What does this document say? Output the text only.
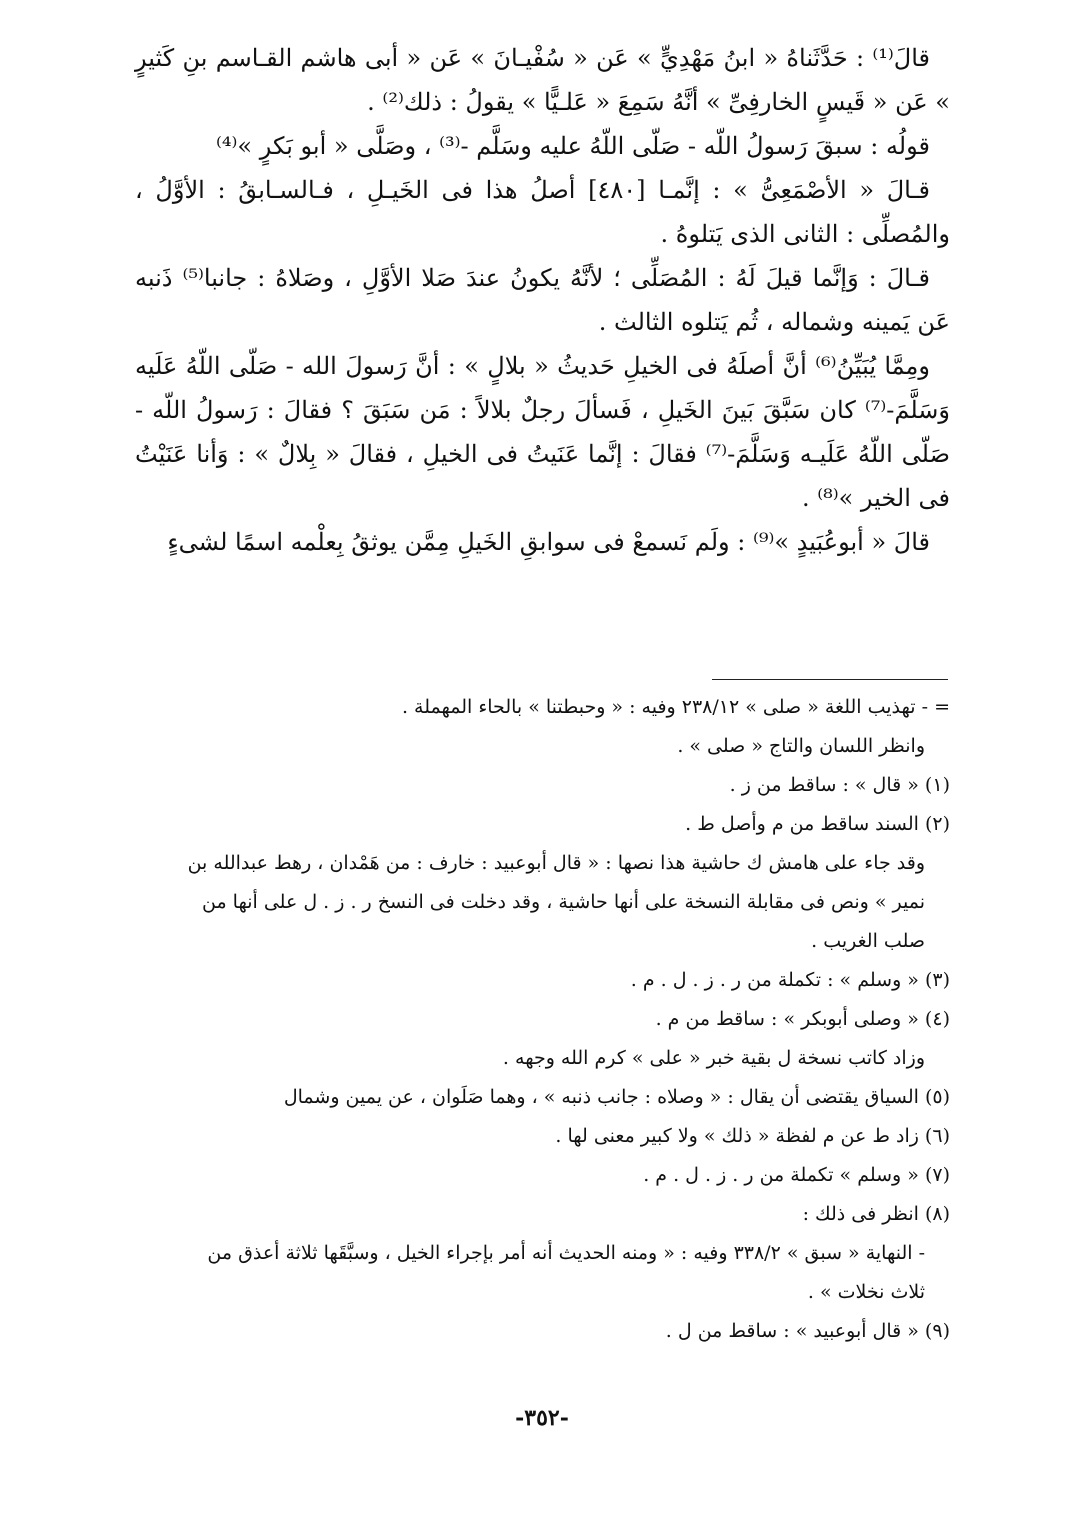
قالَ⁽¹⁾ : حَدَّثَناهُ « ابنُ مَهْدِيٍّ » عَن « سُفْيـانَ » عَن « أبى هاشم القـاسم بنِ كَثيرٍ » عَن « قَيسٍ الخارفِىِّ » أنَّهُ سَمِعَ « عَلـيًّا » يقولُ : ذلك⁽²⁾ .

قولُه : سبقَ رَسولُ اللّه - صَلّى اللّهُ عليه وسَلَّم -⁽³⁾ ، وصَلَّى « أبو بَكرٍ »⁽⁴⁾

قـالَ « الأصْمَعِىُّ » : إنَّمـا [٤٨٠] أصلُ هذا فى الخَيـلِ ، فـالسـابقُ : الأوَّلُ ، والمُصلِّى : الثانى الذى يَتلوهُ .

قـالَ : وَإنَّما قيلَ لَهُ : المُصَلِّى ؛ لأنَّهُ يكونُ عندَ صَلا الأوَّلِ ، وصَلاهُ : جانبا⁽⁵⁾ ذَنبه عَن يَمينه وشماله ، ثُم يَتلوه الثالث .

ومِمَّا يُبَيِّنُ⁽⁶⁾ أنَّ أصلَهُ فى الخيلِ حَديثُ « بلالٍ » : أنَّ رَسولَ الله - صَلّى اللّهُ عَلَيه وَسَلَّمَ-⁽⁷⁾ كان سَبَّقَ بَينَ الخَيلِ ، فَسألَ رجلٌ بلالاً : مَن سَبَقَ ؟ فقالَ : رَسولُ اللّه - صَلّى اللّهُ عَلَيـه وَسَلَّمَ-⁽⁷⁾ فقالَ : إنَّما عَنَيتُ فى الخيلِ ، فقالَ « بِلالٌ » : وَأنا عَنَيْتُ فى الخير »⁽⁸⁾ .

قالَ « أبوعُبَيدٍ »⁽⁹⁾ : ولَم نَسمعْ فى سوابقِ الخَيلِ مِمَّن يوثقُ بِعلْمه اسمًا لشىءٍ

= - تهذيب اللغة « صلى » ٢٣٨/١٢ وفيه : « وحبطتنا » بالحاء المهملة .
وانظر اللسان والتاج « صلى » .
(١) « قال » : ساقط من ز .
(٢) السند ساقط من م وأصل ط .
وقد جاء على هامش ك حاشية هذا نصها : « قال أبوعبيد : خارف : من هَمْدان ، رهط عبدالله بن نمير » ونص فى مقابلة النسخة على أنها حاشية ، وقد دخلت فى النسخ ر . ز . ل على أنها من صلب الغريب .
(٣) « وسلم » : تكملة من ر . ز . ل . م .
(٤) « وصلى أبوبكر » : ساقط من م .
وزاد كاتب نسخة ل بقية خبر « على » كرم الله وجهه .
(٥) السياق يقتضى أن يقال : « وصلاه : جانب ذنبه » ، وهما صَلَوان ، عن يمين وشمال
(٦) زاد ط عن م لفظة « ذلك » ولا كبير معنى لها .
(٧) « وسلم » تكملة من ر . ز . ل . م .
(٨) انظر فى ذلك :
- النهاية « سبق » ٣٣٨/٢ وفيه : « ومنه الحديث أنه أمر بإجراء الخيل ، وسبَّقَها ثلاثة أعذق من ثلاث نخلات » .
(٩) « قال أبوعبيد » : ساقط من ل .
-٣٥٢-
